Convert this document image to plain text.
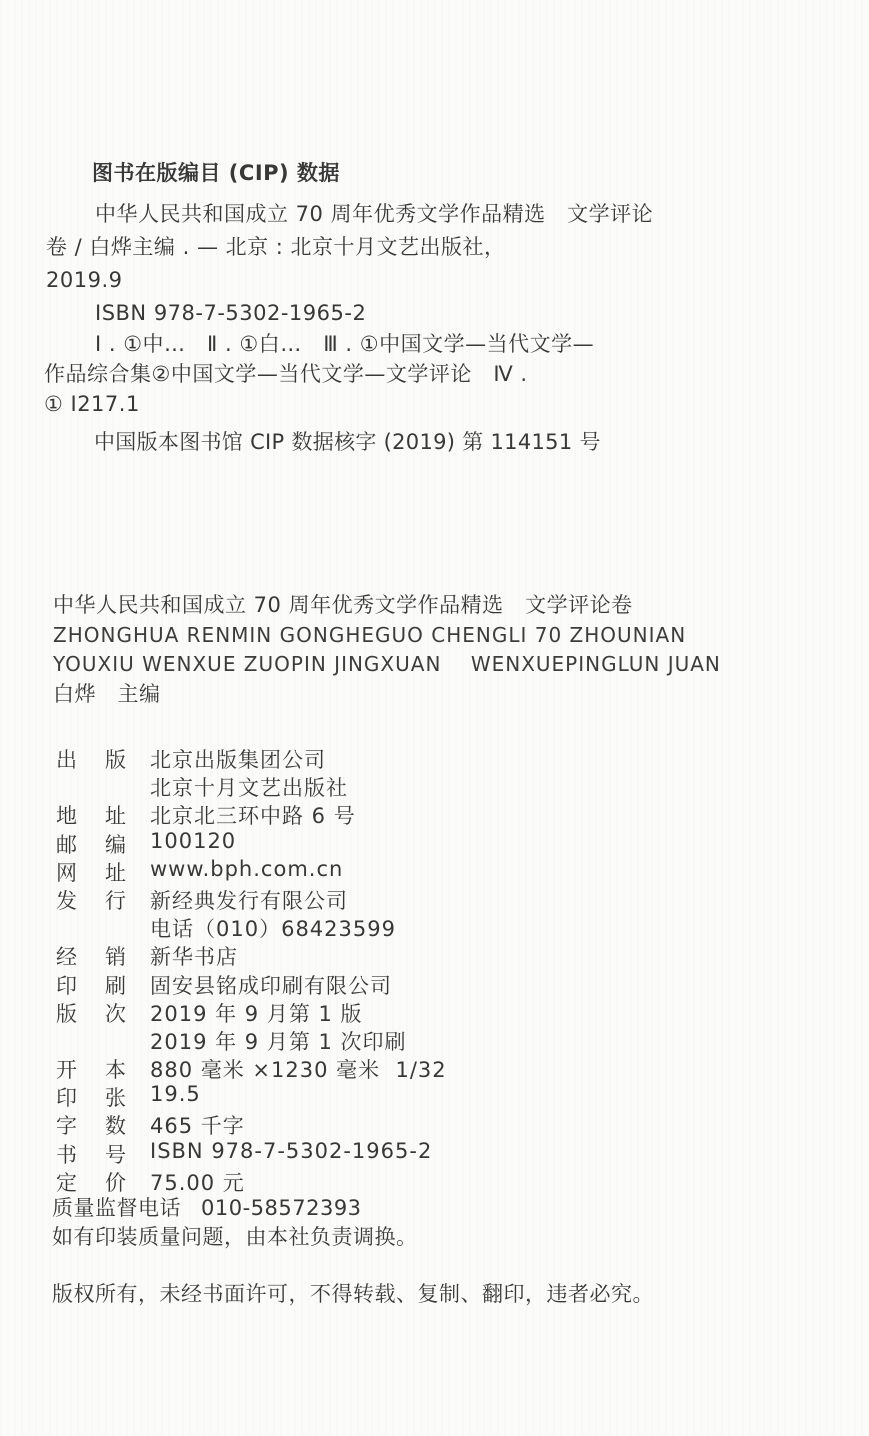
图书在版编目 (CIP) 数据
中华人民共和国成立 70 周年优秀文学作品精选　文学评论
卷 / 白烨主编 . — 北京 : 北京十月文艺出版社，
2019.9
ISBN 978-7-5302-1965-2
Ⅰ . ①中…　Ⅱ . ①白…　Ⅲ . ①中国文学—当代文学—
作品综合集②中国文学—当代文学—文学评论　Ⅳ .
① I217.1
中国版本图书馆 CIP 数据核字 (2019) 第 114151 号
中华人民共和国成立 70 周年优秀文学作品精选　文学评论卷
ZHONGHUA RENMIN GONGHEGUO CHENGLI 70 ZHOUNIAN
YOUXIU WENXUE ZUOPIN JINGXUAN    WENXUEPINGLUN JUAN
白烨　主编
出 版 北京出版集团公司
北京十月文艺出版社
地 址 北京北三环中路 6 号
邮 编 100120
网 址 www.bph.com.cn
发 行 新经典发行有限公司
电话（010）68423599
经 销 新华书店
印 刷 固安县铭成印刷有限公司
版 次 2019 年 9 月第 1 版
2019 年 9 月第 1 次印刷
开 本 880 毫米 ×1230 毫米  1/32
印 张 19.5
字 数 465 千字
书 号 ISBN 978-7-5302-1965-2
定 价 75.00 元
质量监督电话 010-58572393
如有印装质量问题，由本社负责调换。
版权所有，未经书面许可，不得转载、复制、翻印，违者必究。
